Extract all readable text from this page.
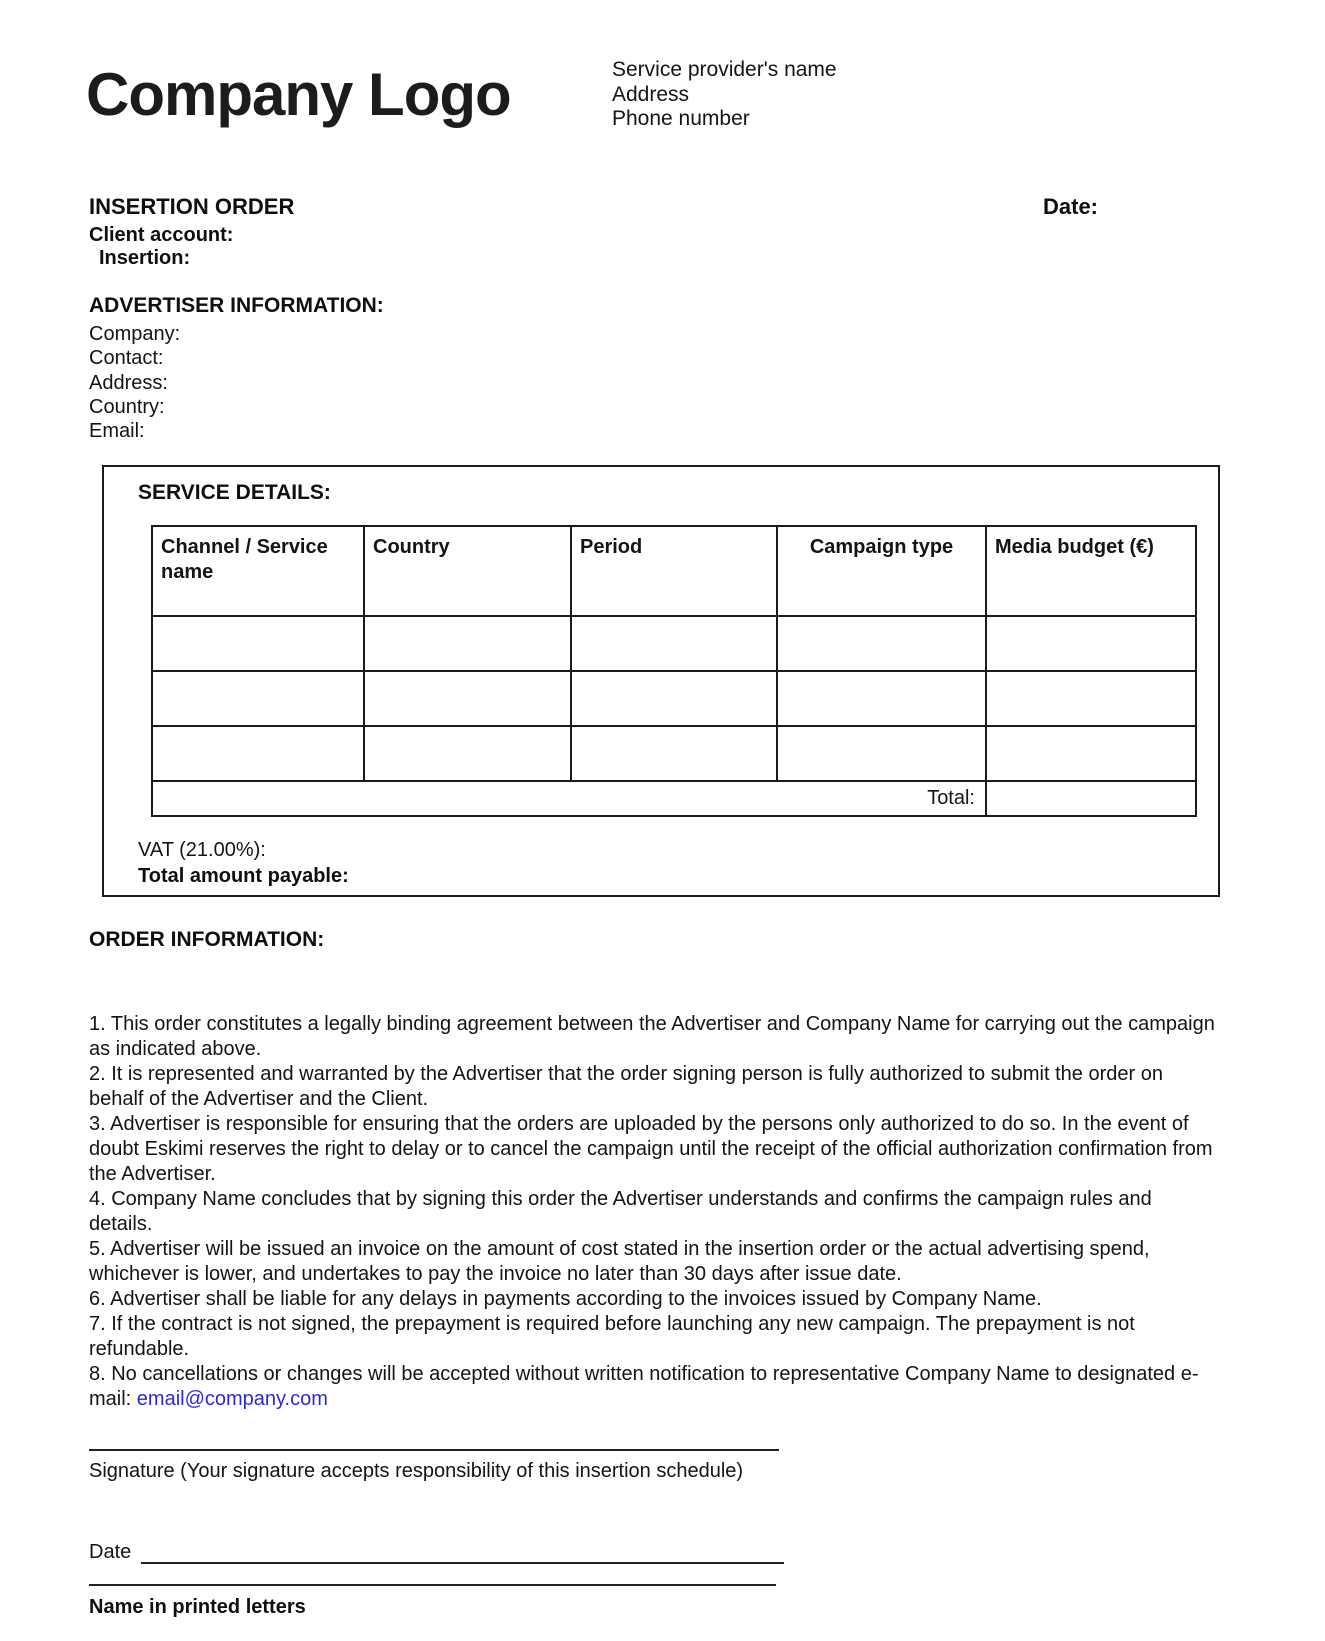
Company Logo	Service provider's name
Address
Phone number
INSERTION ORDER	Date:
Client account:
Insertion:
ADVERTISER INFORMATION:
Company:
Contact:
Address:
Country:
Email:
SERVICE DETAILS:
Channel / Service name	Country	Period	Campaign type	Media budget (€)

Total:				
VAT (21.00%):
Total amount payable:
ORDER INFORMATION:

1. This order constitutes a legally binding agreement between the Advertiser and Company Name for carrying out the campaign as indicated above.

2. It is represented and warranted by the Advertiser that the order signing person is fully authorized to submit the order on behalf of the Advertiser and the Client.

3. Advertiser is responsible for ensuring that the orders are uploaded by the persons only authorized to do so. In the event of doubt Eskimi reserves the right to delay or to cancel the campaign until the receipt of the official authorization confirmation from the Advertiser.

4. Company Name concludes that by signing this order the Advertiser understands and confirms the campaign rules and details.

5. Advertiser will be issued an invoice on the amount of cost stated in the insertion order or the actual advertising spend, whichever is lower, and undertakes to pay the invoice no later than 30 days after issue date.

6. Advertiser shall be liable for any delays in payments according to the invoices issued by Company Name.

7. If the contract is not signed, the prepayment is required before launching any new campaign. The prepayment is not refundable.

8. No cancellations or changes will be accepted without written notification to representative Company Name to designated e-mail: email@company.com

Signature (Your signature accepts responsibility of this insertion schedule)
Date
Name in printed letters
